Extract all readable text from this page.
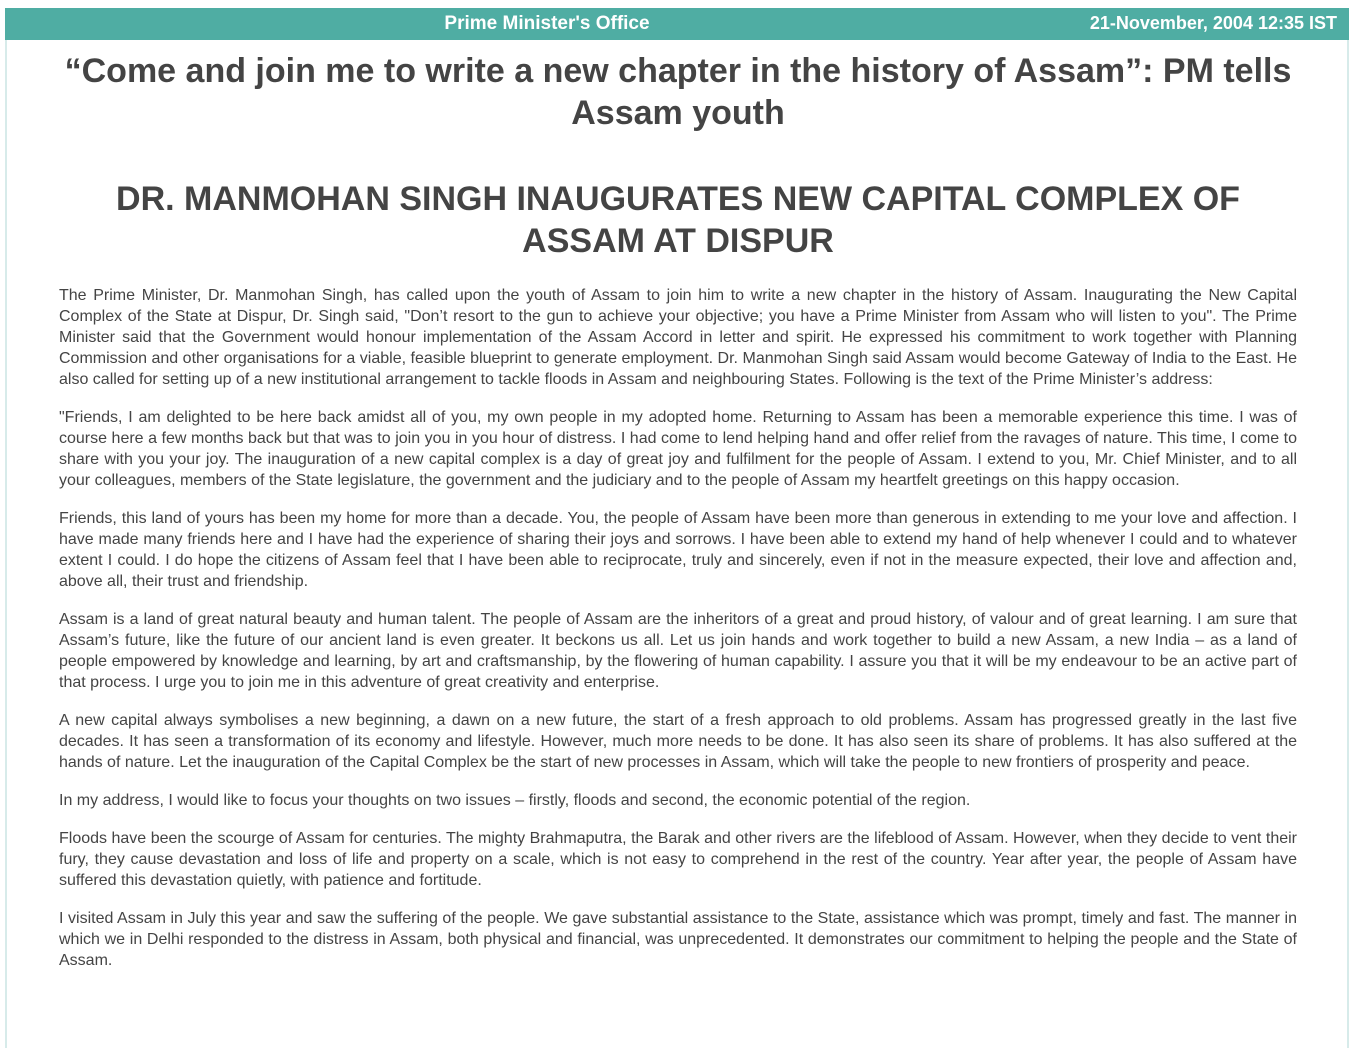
Prime Minister's Office	21-November, 2004 12:35 IST
“Come and join me to write a new chapter in the history of Assam”: PM tells Assam youth
DR. MANMOHAN SINGH INAUGURATES NEW CAPITAL COMPLEX OF ASSAM AT DISPUR

The Prime Minister, Dr. Manmohan Singh, has called upon the youth of Assam to join him to write a new chapter in the history of Assam. Inaugurating the New Capital Complex of the State at Dispur, Dr. Singh said, "Don’t resort to the gun to achieve your objective; you have a Prime Minister from Assam who will listen to you". The Prime Minister said that the Government would honour implementation of the Assam Accord in letter and spirit. He expressed his commitment to work together with Planning Commission and other organisations for a viable, feasible blueprint to generate employment. Dr. Manmohan Singh said Assam would become Gateway of India to the East. He also called for setting up of a new institutional arrangement to tackle floods in Assam and neighbouring States. Following is the text of the Prime Minister’s address:

"Friends, I am delighted to be here back amidst all of you, my own people in my adopted home. Returning to Assam has been a memorable experience this time. I was of course here a few months back but that was to join you in you hour of distress. I had come to lend helping hand and offer relief from the ravages of nature. This time, I come to share with you your joy. The inauguration of a new capital complex is a day of great joy and fulfilment for the people of Assam. I extend to you, Mr. Chief Minister, and to all your colleagues, members of the State legislature, the government and the judiciary and to the people of Assam my heartfelt greetings on this happy occasion.

Friends, this land of yours has been my home for more than a decade. You, the people of Assam have been more than generous in extending to me your love and affection. I have made many friends here and I have had the experience of sharing their joys and sorrows. I have been able to extend my hand of help whenever I could and to whatever extent I could. I do hope the citizens of Assam feel that I have been able to reciprocate, truly and sincerely, even if not in the measure expected, their love and affection and, above all, their trust and friendship.

Assam is a land of great natural beauty and human talent. The people of Assam are the inheritors of a great and proud history, of valour and of great learning. I am sure that Assam’s future, like the future of our ancient land is even greater. It beckons us all. Let us join hands and work together to build a new Assam, a new India – as a land of people empowered by knowledge and learning, by art and craftsmanship, by the flowering of human capability. I assure you that it will be my endeavour to be an active part of that process. I urge you to join me in this adventure of great creativity and enterprise.

A new capital always symbolises a new beginning, a dawn on a new future, the start of a fresh approach to old problems. Assam has progressed greatly in the last five decades. It has seen a transformation of its economy and lifestyle. However, much more needs to be done. It has also seen its share of problems. It has also suffered at the hands of nature. Let the inauguration of the Capital Complex be the start of new processes in Assam, which will take the people to new frontiers of prosperity and peace.

In my address, I would like to focus your thoughts on two issues – firstly, floods and second, the economic potential of the region.

Floods have been the scourge of Assam for centuries. The mighty Brahmaputra, the Barak and other rivers are the lifeblood of Assam. However, when they decide to vent their fury, they cause devastation and loss of life and property on a scale, which is not easy to comprehend in the rest of the country. Year after year, the people of Assam have suffered this devastation quietly, with patience and fortitude.

I visited Assam in July this year and saw the suffering of the people. We gave substantial assistance to the State, assistance which was prompt, timely and fast. The manner in which we in Delhi responded to the distress in Assam, both physical and financial, was unprecedented. It demonstrates our commitment to helping the people and the State of Assam.
